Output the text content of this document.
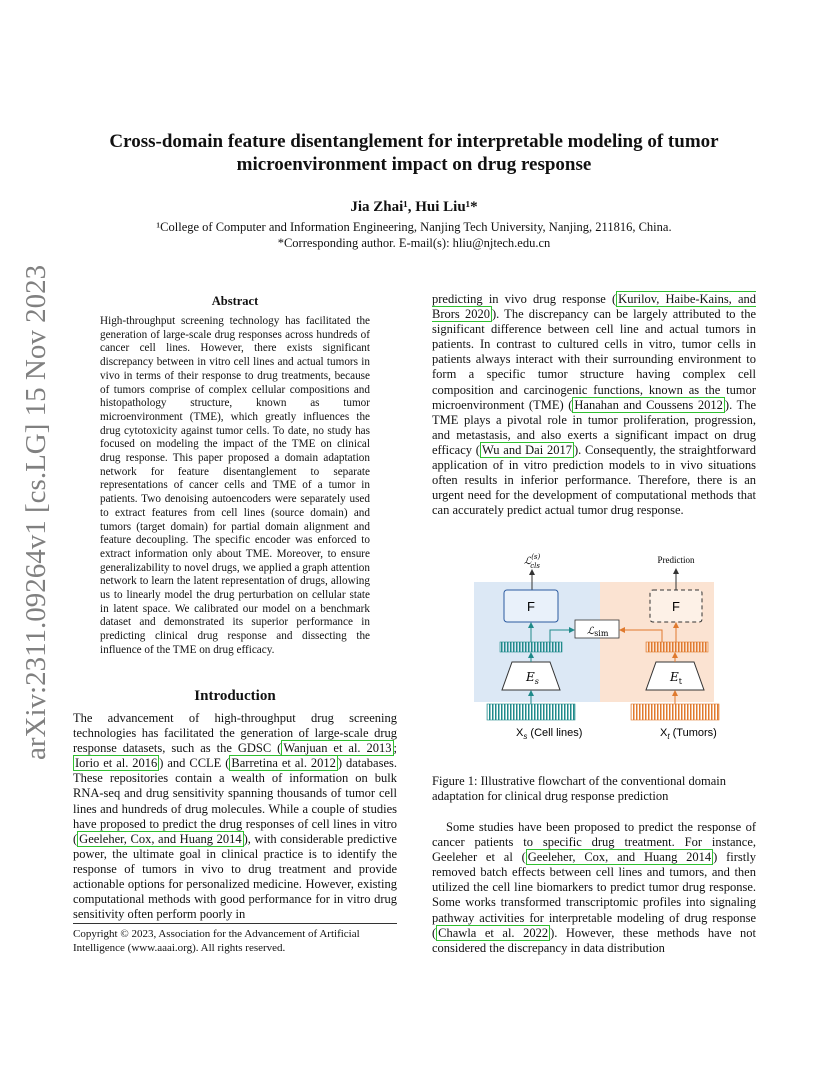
arXiv:2311.09264v1 [cs.LG] 15 Nov 2023
Cross-domain feature disentanglement for interpretable modeling of tumor microenvironment impact on drug response
Jia Zhai¹, Hui Liu¹*
¹College of Computer and Information Engineering, Nanjing Tech University, Nanjing, 211816, China.
*Corresponding author. E-mail(s): hliu@njtech.edu.cn
Abstract
High-throughput screening technology has facilitated the generation of large-scale drug responses across hundreds of cancer cell lines. However, there exists significant discrepancy between in vitro cell lines and actual tumors in vivo in terms of their response to drug treatments, because of tumors comprise of complex cellular compositions and histopathology structure, known as tumor microenvironment (TME), which greatly influences the drug cytotoxicity against tumor cells. To date, no study has focused on modeling the impact of the TME on clinical drug response. This paper proposed a domain adaptation network for feature disentanglement to separate representations of cancer cells and TME of a tumor in patients. Two denoising autoencoders were separately used to extract features from cell lines (source domain) and tumors (target domain) for partial domain alignment and feature decoupling. The specific encoder was enforced to extract information only about TME. Moreover, to ensure generalizability to novel drugs, we applied a graph attention network to learn the latent representation of drugs, allowing us to linearly model the drug perturbation on cellular state in latent space. We calibrated our model on a benchmark dataset and demonstrated its superior performance in predicting clinical drug response and dissecting the influence of the TME on drug efficacy.
Introduction
The advancement of high-throughput drug screening technologies has facilitated the generation of large-scale drug response datasets, such as the GDSC ( Wanjuan et al. 2013 ; Iorio et al. 2016 ) and CCLE ( Barretina et al. 2012 ) databases. These repositories contain a wealth of information on bulk RNA-seq and drug sensitivity spanning thousands of tumor cell lines and hundreds of drug molecules. While a couple of studies have proposed to predict the drug responses of cell lines in vitro ( Geeleher, Cox, and Huang 2014 ), with considerable predictive power, the ultimate goal in clinical practice is to identify the response of tumors in vivo to drug treatment and provide actionable options for personalized medicine. However, existing computational methods with good performance for in vitro drug sensitivity often perform poorly in
Copyright © 2023, Association for the Advancement of Artificial Intelligence (www.aaai.org). All rights reserved.

predicting in vivo drug response ( Kurilov, Haibe-Kains, and Brors 2020 ). The discrepancy can be largely attributed to the significant difference between cell line and actual tumors in patients. In contrast to cultured cells in vitro, tumor cells in patients always interact with their surrounding environment to form a specific tumor structure having complex cell composition and carcinogenic functions, known as the tumor microenvironment (TME) ( Hanahan and Coussens 2012 ). The TME plays a pivotal role in tumor proliferation, progression, and metastasis, and also exerts a significant impact on drug efficacy ( Wu and Dai 2017 ). Consequently, the straightforward application of in vitro prediction models to in vivo situations often results in inferior performance. Therefore, there is an urgent need for the development of computational methods that can accurately predict actual tumor drug response.

ℒ$^{(s)}$ cls
Prediction
F	F
ℒ$_{sim}$
$E_s$	$E_t$
$X_s$ (Cell lines)	$X_t$ (Tumors)
Figure 1: Illustrative flowchart of the conventional domain adaptation for clinical drug response prediction
Some studies have been proposed to predict the response of cancer patients to specific drug treatment. For instance, Geeleher et al ( Geeleher, Cox, and Huang 2014 ) firstly removed batch effects between cell lines and tumors, and then utilized the cell line biomarkers to predict tumor drug response. Some works transformed transcriptomic profiles into signaling pathway activities for interpretable modeling of drug response ( Chawla et al. 2022 ). However, these methods have not considered the discrepancy in data distribution
